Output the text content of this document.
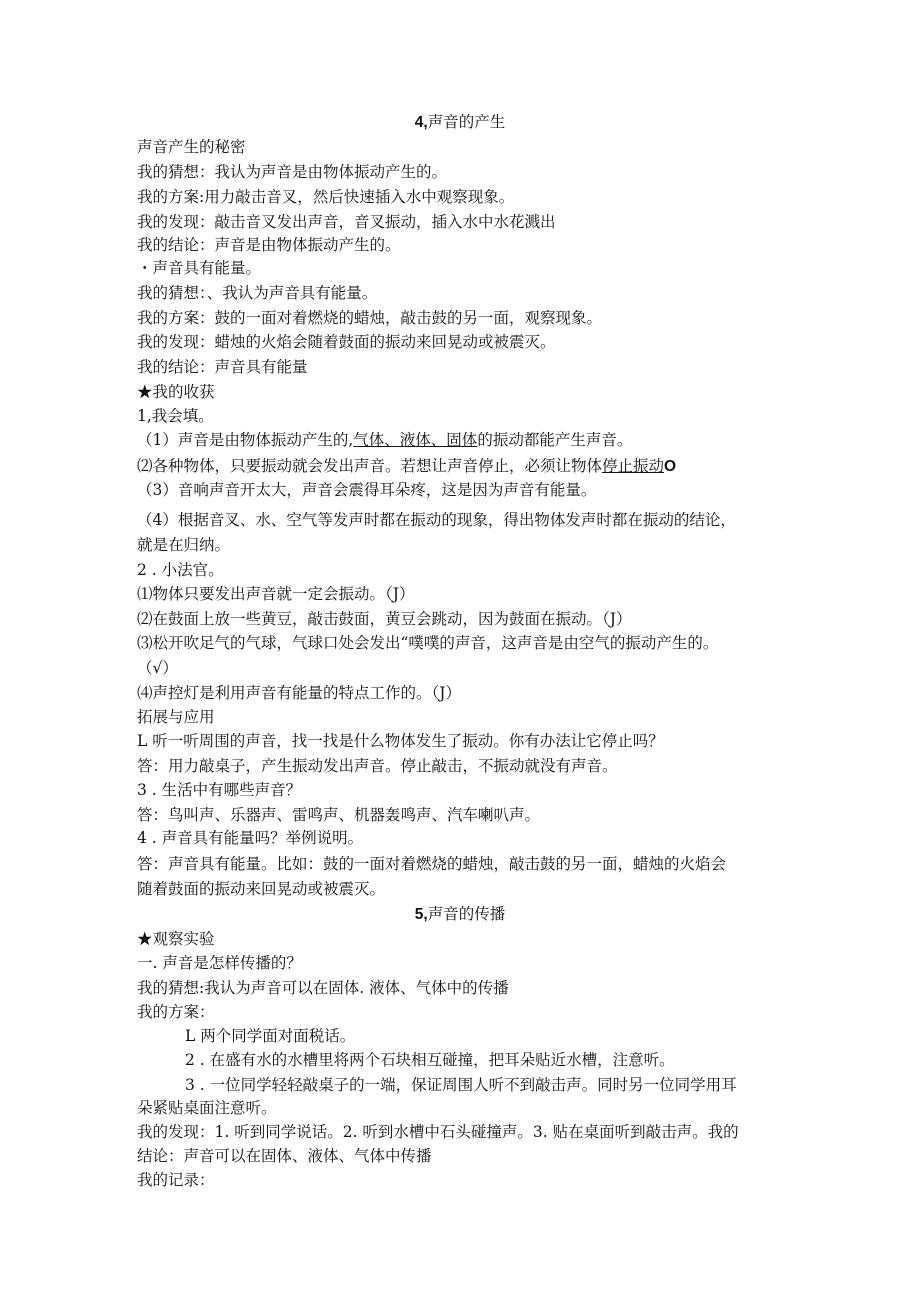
4,声音的产生
声音产生的秘密
我的猜想：我认为声音是由物体振动产生的。
我的方案:用力敲击音叉，然后快速插入水中观察现象。
我的发现：敲击音叉发出声音，音叉振动，插入水中水花溅出
我的结论：声音是由物体振动产生的。
・声音具有能量。
我的猜想：、我认为声音具有能量。
我的方案：鼓的一面对着燃烧的蜡烛，敲击鼓的另一面，观察现象。
我的发现：蜡烛的火焰会随着鼓面的振动来回晃动或被震灭。
我的结论：声音具有能量
★我的收获
1,我会填。
（1）声音是由物体振动产生的,气体、液体、固体的振动都能产生声音。
⑵各种物体，只要振动就会发出声音。若想让声音停止，必须让物体停止振动O
（3）音响声音开太大，声音会震得耳朵疼，这是因为声音有能量。
（4）根据音叉、水、空气等发声时都在振动的现象，得出物体发声时都在振动的结论，
就是在归纳。
2 . 小法官。
⑴物体只要发出声音就一定会振动。（J）
⑵在鼓面上放一些黄豆，敲击鼓面，黄豆会跳动，因为鼓面在振动。（J）
⑶松开吹足气的气球，气球口处会发出“噗噗的声音，这声音是由空气的振动产生的。
（√）
⑷声控灯是利用声音有能量的特点工作的。（J）
拓展与应用
L 听一听周围的声音，找一找是什么物体发生了振动。你有办法让它停止吗？
答：用力敲桌子，产生振动发出声音。停止敲击，不振动就没有声音。
3 . 生活中有哪些声音？
答：鸟叫声、乐器声、雷鸣声、机器轰鸣声、汽车喇叭声。
4 . 声音具有能量吗？举例说明。
答：声音具有能量。比如：鼓的一面对着燃烧的蜡烛，敲击鼓的另一面，蜡烛的火焰会
随着鼓面的振动来回晃动或被震灭。
5,声音的传播
★观察实验
一. 声音是怎样传播的？
我的猜想:我认为声音可以在固体. 液体、气体中的传播
我的方案：
L 两个同学面对面税话。
2 . 在盛有水的水槽里将两个石块相互碰撞，把耳朵贴近水槽，注意听。
3 . 一位同学轻轻敲桌子的一端，保证周围人听不到敲击声。同时另一位同学用耳
朵紧贴桌面注意听。
我的发现：1. 听到同学说话。2. 听到水槽中石头碰撞声。3. 贴在桌面听到敲击声。我的
结论：声音可以在固体、液体、气体中传播
我的记录：
